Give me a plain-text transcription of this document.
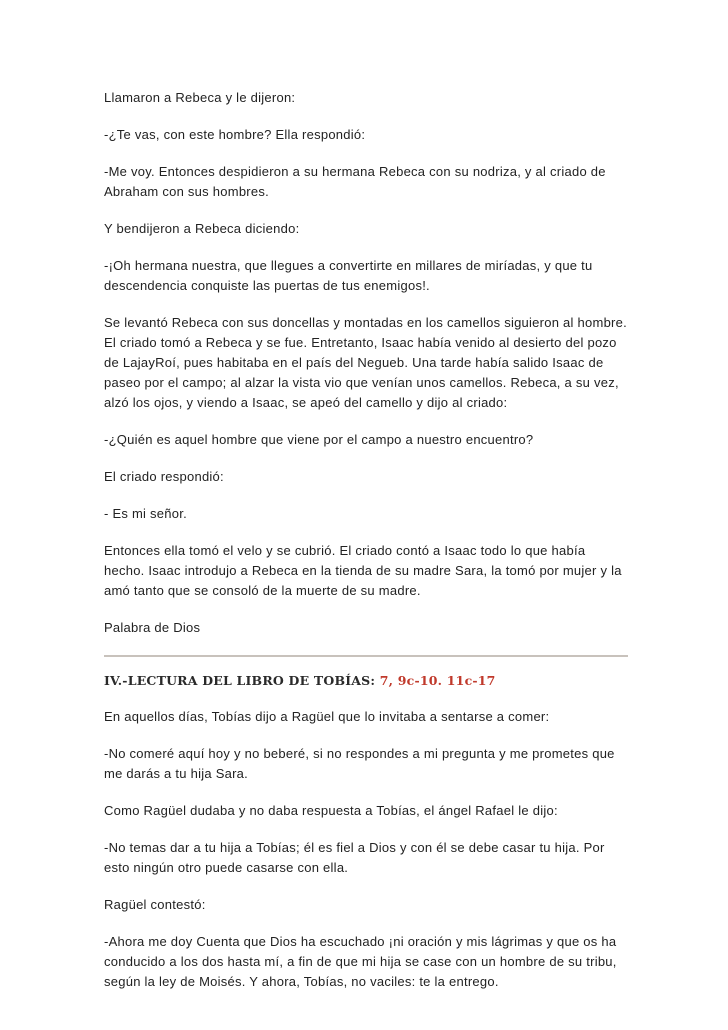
Llamaron a Rebeca y le dijeron:

-¿Te vas, con este hombre? Ella respondió:

-Me voy. Entonces despidieron a su hermana Rebeca con su nodriza, y al criado de Abraham con sus hombres.

Y bendijeron a Rebeca diciendo:

-¡Oh hermana nuestra, que llegues a convertirte en millares de miríadas, y que tu descendencia conquiste las puertas de tus enemigos!.

Se levantó Rebeca con sus doncellas y montadas en los camellos siguieron al hombre. El criado tomó a Rebeca y se fue. Entretanto, Isaac había venido al desierto del pozo de LajayRoí, pues habitaba en el país del Negueb. Una tarde había salido Isaac de paseo por el campo; al alzar la vista vio que venían unos camellos. Rebeca, a su vez, alzó los ojos, y viendo a Isaac, se apeó del camello y dijo al criado:

-¿Quién es aquel hombre que viene por el campo a nuestro encuentro?

El criado respondió:

- Es mi señor.

Entonces ella tomó el velo y se cubrió. El criado contó a Isaac todo lo que había hecho. Isaac introdujo a Rebeca en la tienda de su madre Sara, la tomó por mujer y la amó tanto que se consoló de la muerte de su madre.

Palabra de Dios

IV.-LECTURA DEL LIBRO DE TOBÍAS: 7, 9c-10. 11c-17

En aquellos días, Tobías dijo a Ragüel que lo invitaba a sentarse a comer:

-No comeré aquí hoy y no beberé, si no respondes a mi pregunta y me prometes que me darás a tu hija Sara.

Como Ragüel dudaba y no daba respuesta a Tobías, el ángel Rafael le dijo:

-No temas dar a tu hija a Tobías; él es fiel a Dios y con él se debe casar tu hija. Por esto ningún otro puede casarse con ella.

Ragüel contestó:

-Ahora me doy Cuenta que Dios ha escuchado ¡ni oración y mis lágrimas y que os ha conducido a los dos hasta mí, a fin de que mi hija se case con un hombre de su tribu, según la ley de Moisés. Y ahora, Tobías, no vaciles: te la entrego.
